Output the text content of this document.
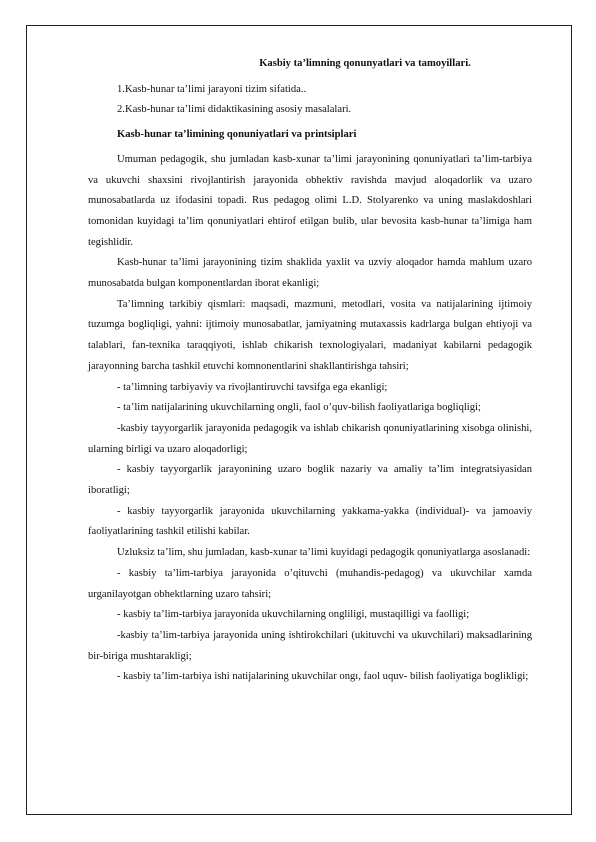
Kasbiy ta’limning qonunyatlari va tamoyillari.

1.Kasb-hunar ta’limi jarayoni tizim sifatida..

2.Kasb-hunar ta’limi didaktikasining asosiy masalalari.

Kasb-hunar ta’limining qonuniyatlari va printsiplari

Umuman pedagogik, shu jumladan kasb-xunar ta’limi jarayonining qonuniyatlari ta’lim-tarbiya va ukuvchi shaxsini rivojlantirish jarayonida obhektiv ravishda mavjud aloqadorlik va uzaro munosabatlarda uz ifodasini topadi. Rus pedagog olimi L.D. Stolyarenko va uning maslakdoshlari tomonidan kuyidagi ta’lim qonuniyatlari ehtirof etilgan bulib, ular bevosita kasb-hunar ta’limiga ham tegishlidir.

Kasb-hunar ta’limi jarayonining tizim shaklida yaxlit va uzviy aloqador hamda mahlum uzaro munosabatda bulgan komponentlardan iborat ekanligi;

Ta’limning tarkibiy qismlari: maqsadi, mazmuni, metodlari, vosita va natijalarining ijtimoiy tuzumga bogliqligi, yahni: ijtimoiy munosabatlar, jamiyatning mutaxassis kadrlarga bulgan ehtiyoji va talablari, fan-texnika taraqqiyoti, ishlab chikarish texnologiyalari, madaniyat kabilarni pedagogik jarayonning barcha tashkil etuvchi komnonentlarini shakllantirishga tahsiri;

- ta’limning tarbiyaviy va rivojlantiruvchi tavsifga ega ekanligi;

- ta’lim natijalarining ukuvchilarning ongli, faol o’quv-bilish faoliyatlariga bogliqligi;

-kasbiy tayyorgarlik jarayonida pedagogik va ishlab chikarish qonuniyatlarining xisobga olinishi, ularning birligi va uzaro aloqadorligi;

- kasbiy tayyorgarlik jarayonining uzaro boglik nazariy va amaliy ta’lim integratsiyasidan iboratligi;

- kasbiy tayyorgarlik jarayonida ukuvchilarning yakkama-yakka (individual)- va jamoaviy faoliyatlarining tashkil etilishi kabilar.

Uzluksiz ta’lim, shu jumladan, kasb-xunar ta’limi kuyidagi pedagogik qonuniyatlarga asoslanadi:

- kasbiy ta’lim-tarbiya jarayonida o’qituvchi (muhandis-pedagog) va ukuvchilar xamda urganilayotgan obhektlarning uzaro tahsiri;

- kasbiy ta’lim-tarbiya jarayonida ukuvchilarning ongliligi, mustaqilligi va faolligi;

-kasbiy ta’lim-tarbiya jarayonida uning ishtirokchilari (ukituvchi va ukuvchilari) maksadlarining bir-biriga mushtarakligi;

- kasbiy ta’lim-tarbiya ishi natijalarining ukuvchilar ongı, faol uquv- bilish faoliyatiga boglikligi;
